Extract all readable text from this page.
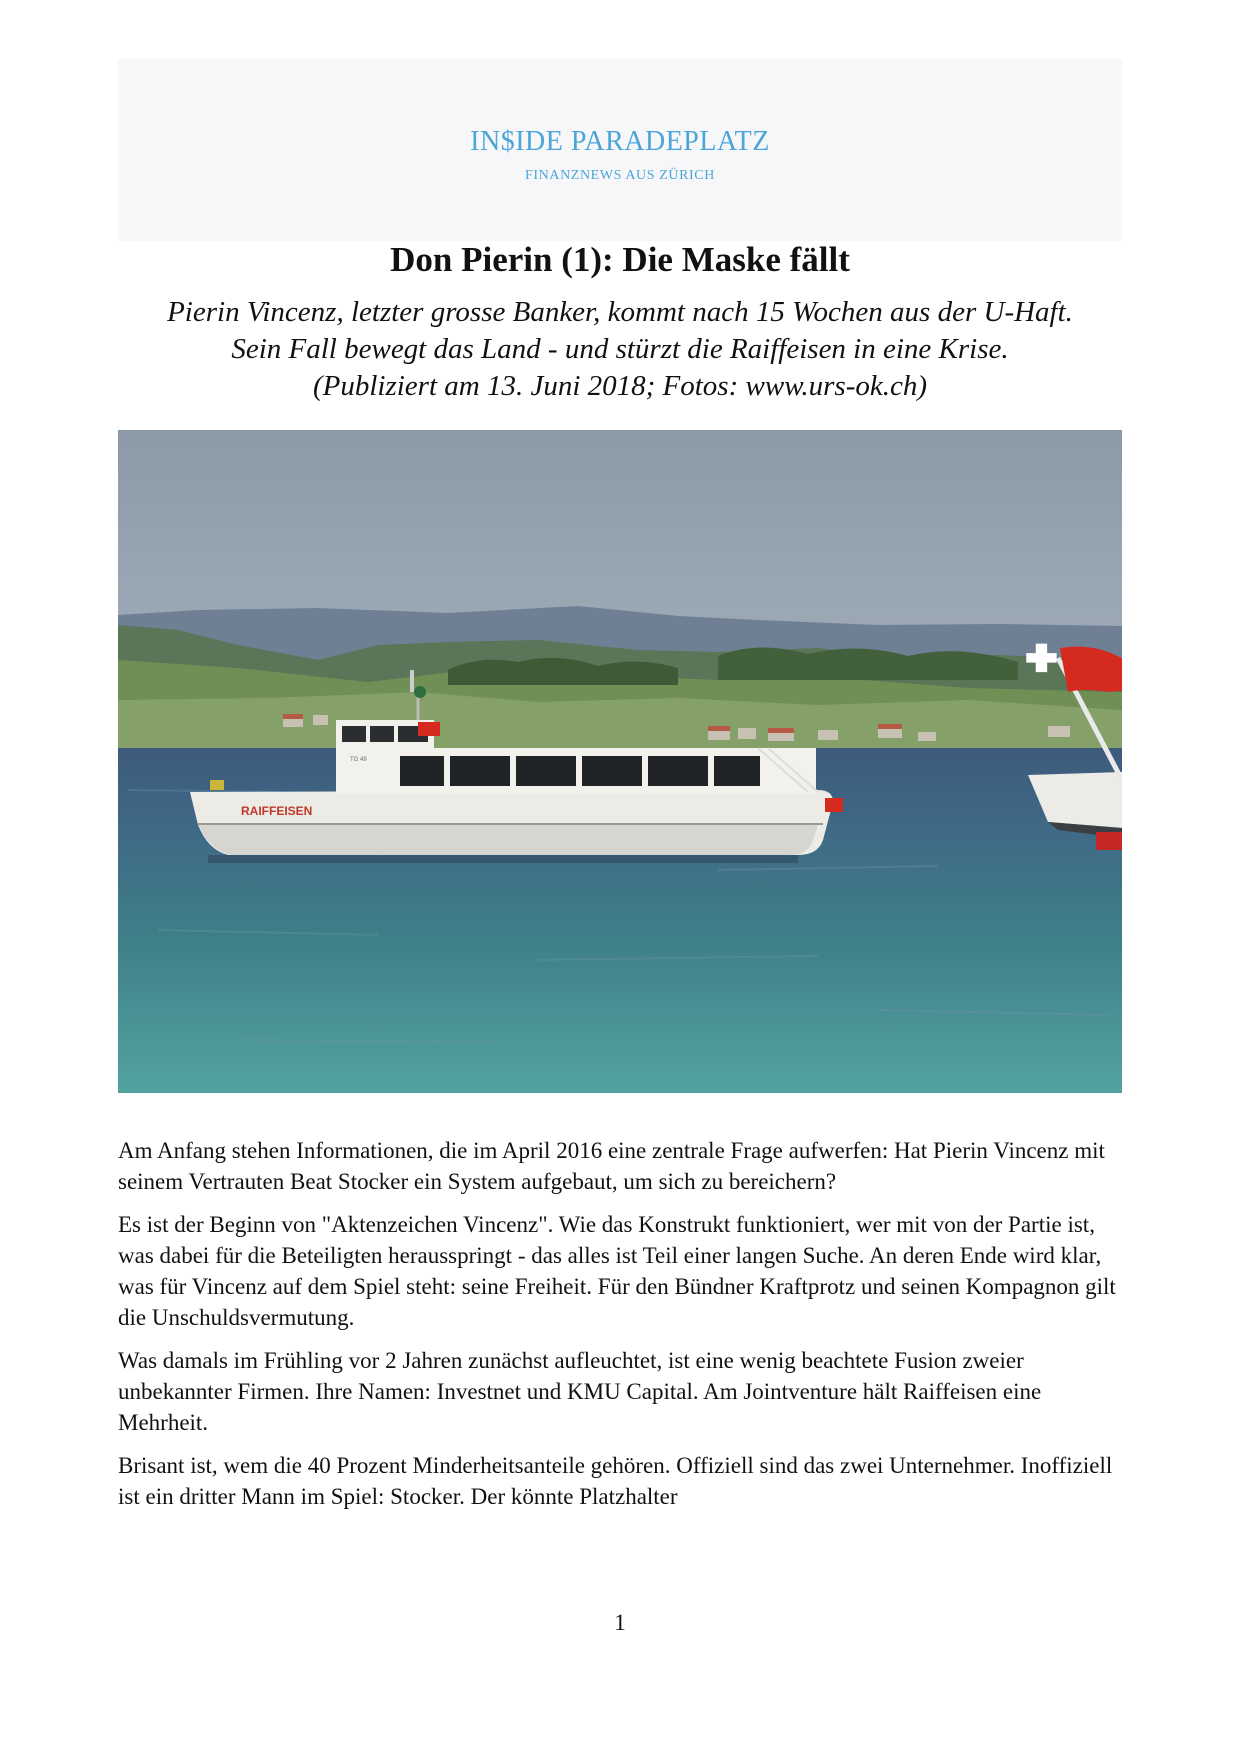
IN$IDE PARADEPLATZ
FINANZNEWS AUS ZÜRICH
Don Pierin (1): Die Maske fällt
Pierin Vincenz, letzter grosse Banker, kommt nach 15 Wochen aus der U-Haft.
Sein Fall bewegt das Land - und stürzt die Raiffeisen in eine Krise.
(Publiziert am 13. Juni 2018; Fotos: www.urs-ok.ch)
RAIFFEISEN
TG 49

Am Anfang stehen Informationen, die im April 2016 eine zentrale Frage aufwerfen: Hat Pierin Vincenz mit seinem Vertrauten Beat Stocker ein System aufgebaut, um sich zu bereichern?

Es ist der Beginn von "Aktenzeichen Vincenz". Wie das Konstrukt funktioniert, wer mit von der Partie ist, was dabei für die Beteiligten herausspringt - das alles ist Teil einer langen Suche. An deren Ende wird klar, was für Vincenz auf dem Spiel steht: seine Freiheit. Für den Bündner Kraftprotz und seinen Kompagnon gilt die Unschuldsvermutung.

Was damals im Frühling vor 2 Jahren zunächst aufleuchtet, ist eine wenig beachtete Fusion zweier unbekannter Firmen. Ihre Namen: Investnet und KMU Capital. Am Jointventure hält Raiffeisen eine Mehrheit.

Brisant ist, wem die 40 Prozent Minderheitsanteile gehören. Offiziell sind das zwei Unternehmer. Inoffiziell ist ein dritter Mann im Spiel: Stocker. Der könnte Platzhalter

1
